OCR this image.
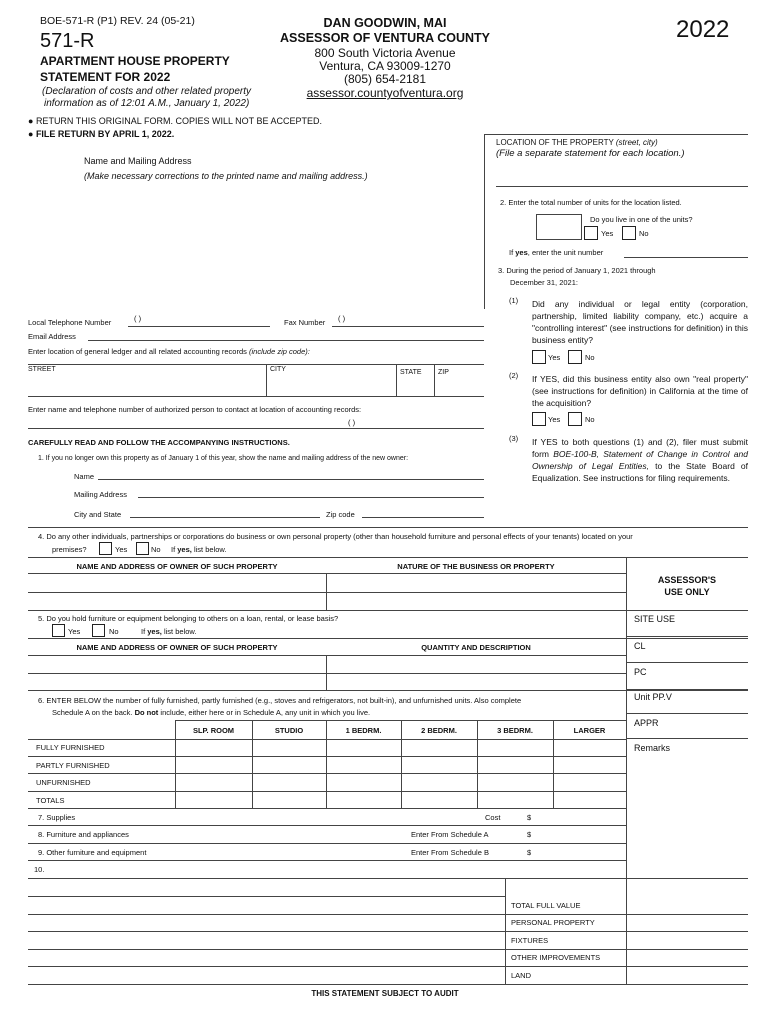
BOE-571-R (P1) REV. 24 (05-21)
571-R
APARTMENT HOUSE PROPERTY
STATEMENT FOR 2022
(Declaration of costs and other related property
information as of 12:01 A.M., January 1, 2022)
DAN GOODWIN, MAI
ASSESSOR OF VENTURA COUNTY
800 South Victoria Avenue
Ventura, CA 93009-1270
(805) 654-2181
assessor.countyofventura.org
2022
● RETURN THIS ORIGINAL FORM. COPIES WILL NOT BE ACCEPTED.
● FILE RETURN BY APRIL 1, 2022.
Name and Mailing Address
(Make necessary corrections to the printed name and mailing address.)
LOCATION OF THE PROPERTY (street, city)
(File a separate statement for each location.)
2. Enter the total number of units for the location listed.
Do you live in one of the units?
Yes	No
If yes, enter the unit number
3. During the period of January 1, 2021 through
December 31, 2021:
(1) Did any individual or legal entity (corporation, partnership, limited liability company, etc.) acquire a "controlling interest" (see instructions for definition) in this business entity?
Yes	No
(2) If YES, did this business entity also own "real property" (see instructions for definition) in California at the time of the acquisition?
Yes	No
(3) If YES to both questions (1) and (2), filer must submit form BOE-100-B, Statement of Change in Control and Ownership of Legal Entities, to the State Board of Equalization. See instructions for filing requirements.
Local Telephone Number	( )	Fax Number ( )
Email Address
Enter location of general ledger and all related accounting records (include zip code):
STREET	CITY	STATE ZIP
Enter name and telephone number of authorized person to contact at location of accounting records:
( )
CAREFULLY READ AND FOLLOW THE ACCOMPANYING INSTRUCTIONS.
1. If you no longer own this property as of January 1 of this year, show the name and mailing address of the new owner:
Name
Mailing Address
City and State	Zip code
4. Do any other individuals, partnerships or corporations do business or own personal property (other than household furniture and personal effects of your tenants) located on your
premises?	Yes	No If yes, list below.
NAME AND ADDRESS OF OWNER OF SUCH PROPERTY	NATURE OF THE BUSINESS OR PROPERTY
5. Do you hold furniture or equipment belonging to others on a loan, rental, or lease basis?
Yes	No	If yes, list below.
NAME AND ADDRESS OF OWNER OF SUCH PROPERTY	QUANTITY AND DESCRIPTION
6. ENTER BELOW the number of fully furnished, partly furnished (e.g., stoves and refrigerators, not built-in), and unfurnished units. Also complete
Schedule A on the back. Do not include, either here or in Schedule A, any unit in which you live.
SLP. ROOM	STUDIO	1 BEDRM.	2 BEDRM.	3 BEDRM.	LARGER
FULLY FURNISHED
PARTLY FURNISHED
UNFURNISHED
TOTALS
7. Supplies	Cost	$
8. Furniture and appliances	Enter From Schedule A	$
9. Other furniture and equipment	Enter From Schedule B	$
10.
ASSESSOR'S
USE ONLY
SITE USE
CL
PC
Unit PP.V
APPR
Remarks
TOTAL FULL VALUE
PERSONAL PROPERTY
FIXTURES
OTHER IMPROVEMENTS
LAND
THIS STATEMENT SUBJECT TO AUDIT
